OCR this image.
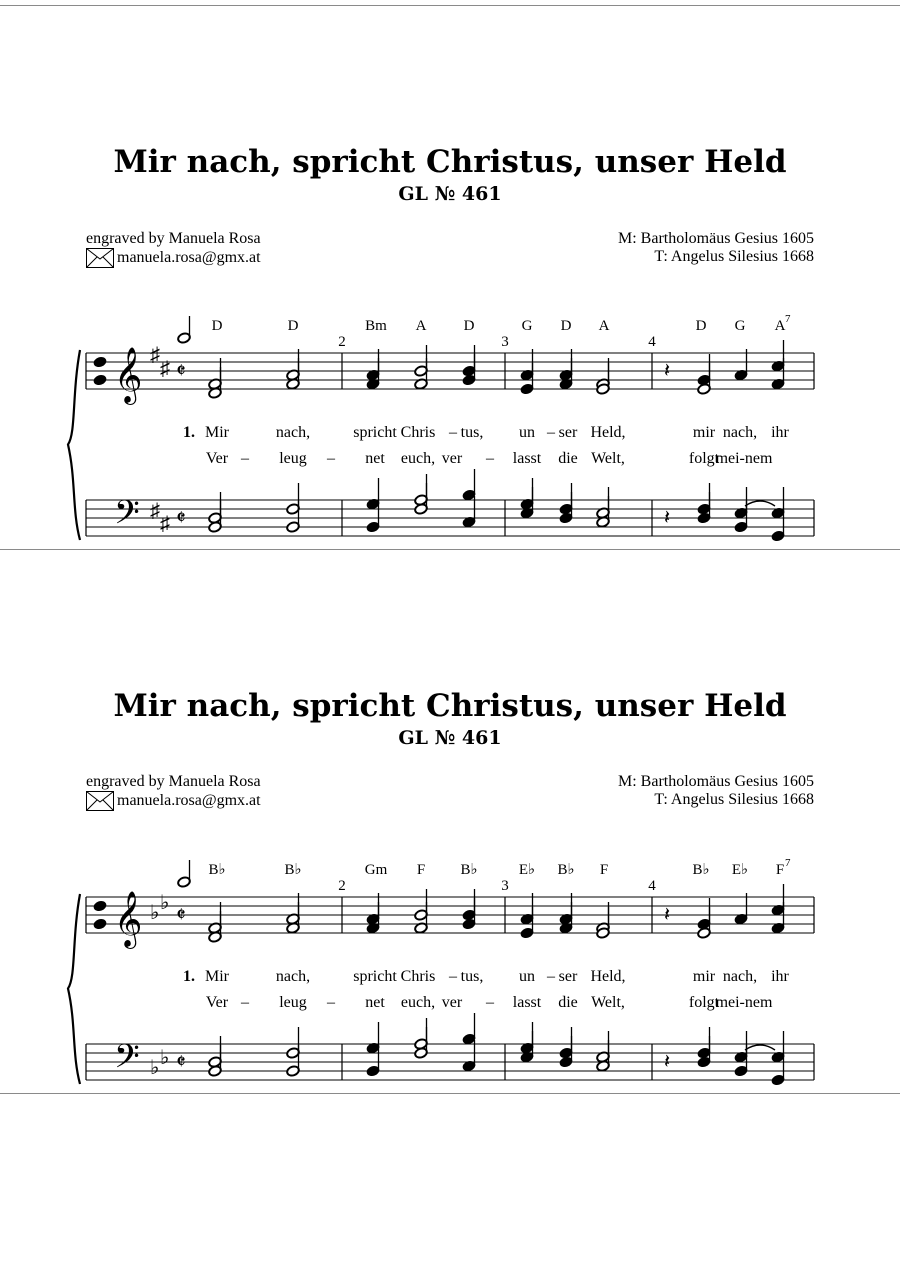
Mir nach, spricht Christus, unser Held
GL № 461
engraved by Manuela Rosa
manuela.rosa@gmx.at
M: Bartholomäus Gesius 1605
T: Angelus Silesius 1668
𝄞
𝄢
♯
♯
♯
♯
𝄵
𝄵
D	D	Bm A D	G D A	D G A 7
2	3	4
𝄽
𝄽
1. Mir	nach,	spricht Chris – tus, un – ser Held,	mir nach, ihr
Ver – leug – net euch, ver – lasst die Welt,	folgt
mei-nem
Mir nach, spricht Christus, unser Held
GL № 461
engraved by Manuela Rosa
manuela.rosa@gmx.at
M: Bartholomäus Gesius 1605
T: Angelus Silesius 1668
𝄞
𝄢
♭
♭
♭
♭
𝄵
𝄵
B♭	B♭	Gm F B♭	E♭ B♭ F	B♭ E♭ F 7
2	3	4
𝄽
𝄽
1. Mir	nach,	spricht Chris – tus, un – ser Held,	mir nach, ihr
Ver – leug – net euch, ver – lasst die Welt,	folgt
mei-nem
